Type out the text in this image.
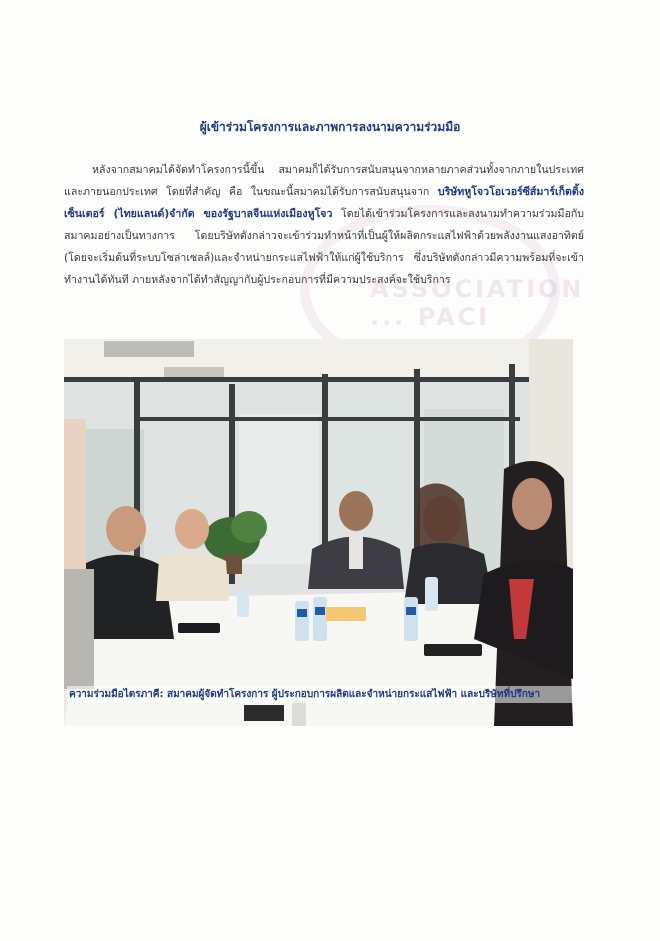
ASSOCIATION ... PACI
ผู้เข้าร่วมโครงการและภาพการลงนามความร่วมมือ
หลังจากสมาคมได้จัดทำโครงการนี้ขึ้น สมาคมก็ได้รับการสนับสนุนจากหลายภาคส่วนทั้งจากภายในประเทศและภายนอกประเทศ โดยที่สำคัญ คือ ในขณะนี้สมาคมได้รับการสนับสนุนจาก บริษัทหูโจวโอเวอร์ซีส์มาร์เก็ตติ้งเซ็นเตอร์ (ไทยแลนด์)จำกัด ของรัฐบาลจีนแห่งเมืองหูโจว โดยได้เข้าร่วมโครงการและลงนามทำความร่วมมือกับสมาคมอย่างเป็นทางการ โดยบริษัทดังกล่าวจะเข้าร่วมทำหน้าที่เป็นผู้ให้ผลิตกระแสไฟฟ้าด้วยพลังงานแสงอาทิตย์ (โดยจะเริ่มต้นที่ระบบโซล่าเซลล์)และจำหน่ายกระแสไฟฟ้าให้แก่ผู้ใช้บริการ ซึ่งบริษัทดังกล่าวมีความพร้อมที่จะเข้าทำงานได้ทันที ภายหลังจากได้ทำสัญญากับผู้ประกอบการที่มีความประสงค์จะใช้บริการ
ความร่วมมือไตรภาคี: สมาคมผู้จัดทำโครงการ ผู้ประกอบการผลิตและจำหน่ายกระแสไฟฟ้า และบริษัทที่ปรึกษา
